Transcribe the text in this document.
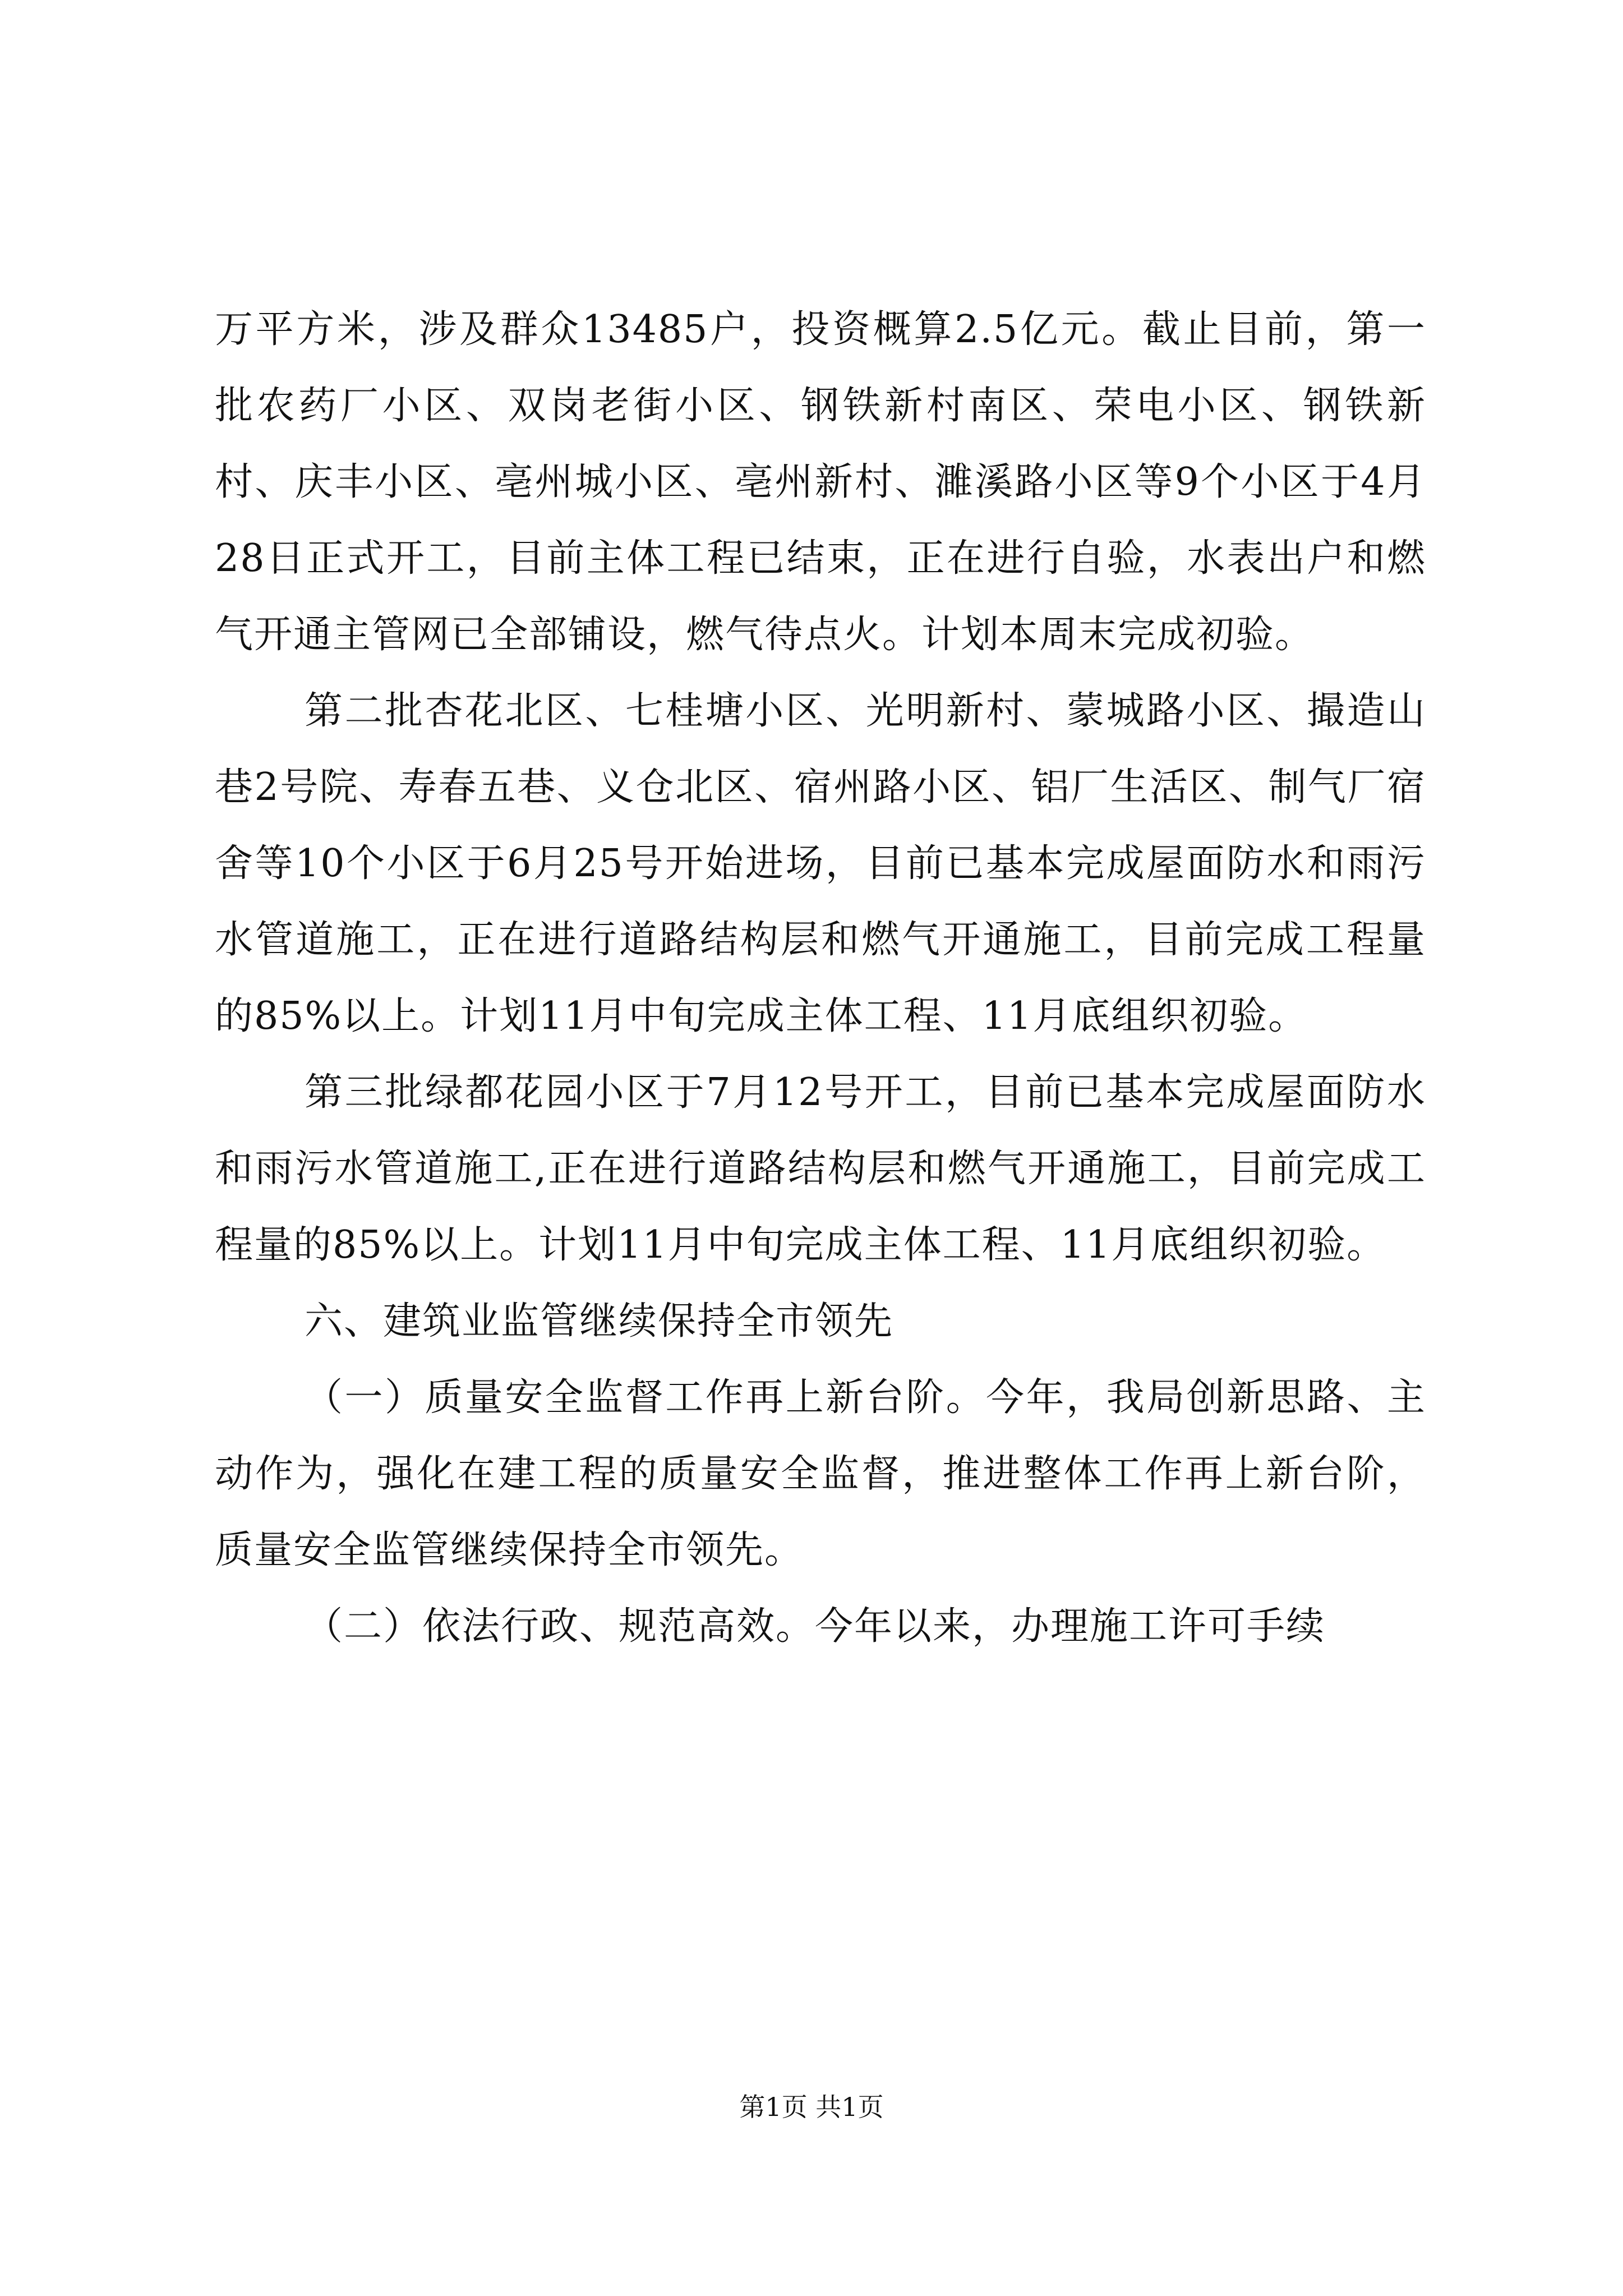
万平方米，涉及群众13485户，投资概算2.5亿元。截止目前，第一批农药厂小区、双岗老街小区、钢铁新村南区、荣电小区、钢铁新村、庆丰小区、亳州城小区、亳州新村、濉溪路小区等9个小区于4月28日正式开工，目前主体工程已结束，正在进行自验，水表出户和燃气开通主管网已全部铺设，燃气待点火。计划本周末完成初验。

第二批杏花北区、七桂塘小区、光明新村、蒙城路小区、撮造山巷2号院、寿春五巷、义仓北区、宿州路小区、铝厂生活区、制气厂宿舍等10个小区于6月25号开始进场，目前已基本完成屋面防水和雨污水管道施工，正在进行道路结构层和燃气开通施工，目前完成工程量的85%以上。计划11月中旬完成主体工程、11月底组织初验。

第三批绿都花园小区于7月12号开工，目前已基本完成屋面防水和雨污水管道施工,正在进行道路结构层和燃气开通施工，目前完成工程量的85%以上。计划11月中旬完成主体工程、11月底组织初验。

六、建筑业监管继续保持全市领先

（一）质量安全监督工作再上新台阶。今年，我局创新思路、主动作为，强化在建工程的质量安全监督，推进整体工作再上新台阶，质量安全监管继续保持全市领先。

（二）依法行政、规范高效。今年以来，办理施工许可手续

第1页 共1页
